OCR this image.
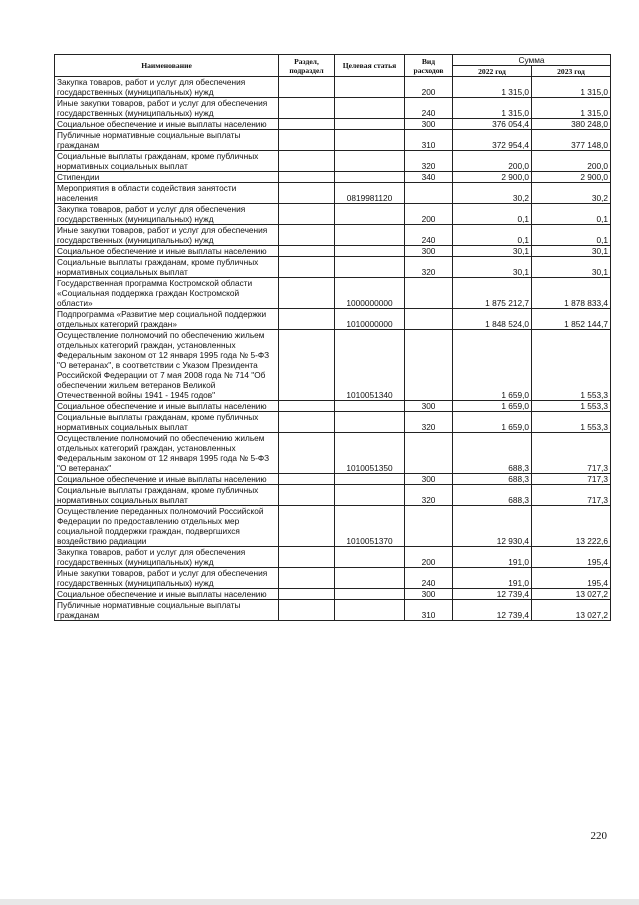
Наименование	Раздел, подраздел	Целевая статья	Вид расходов	Сумма	
				2022 год	2023 год
Закупка товаров, работ и услуг для обеспечения государственных (муниципальных) нужд			200	1 315,0	1 315,0
Иные закупки товаров, работ и услуг для обеспечения государственных (муниципальных) нужд			240	1 315,0	1 315,0
Социальное обеспечение и иные выплаты населению			300	376 054,4	380 248,0
Публичные нормативные социальные выплаты гражданам			310	372 954,4	377 148,0
Социальные выплаты гражданам, кроме публичных нормативных социальных выплат			320	200,0	200,0
Стипендии			340	2 900,0	2 900,0
Мероприятия в области содействия занятости населения		0819981120		30,2	30,2
Закупка товаров, работ и услуг для обеспечения государственных (муниципальных) нужд			200	0,1	0,1
Иные закупки товаров, работ и услуг для обеспечения государственных (муниципальных) нужд			240	0,1	0,1
Социальное обеспечение и иные выплаты населению			300	30,1	30,1
Социальные выплаты гражданам, кроме публичных нормативных социальных выплат			320	30,1	30,1
Государственная программа Костромской области «Социальная поддержка граждан Костромской области»		1000000000		1 875 212,7	1 878 833,4
Подпрограмма «Развитие мер социальной поддержки отдельных категорий граждан»		1010000000		1 848 524,0	1 852 144,7
Осуществление полномочий по обеспечению жильем отдельных категорий граждан, установленных Федеральным законом от 12 января 1995 года № 5-ФЗ "О ветеранах", в соответствии с Указом Президента Российской Федерации от 7 мая 2008 года № 714 "Об обеспечении жильем ветеранов Великой Отечественной войны 1941 - 1945 годов"		1010051340		1 659,0	1 553,3
Социальное обеспечение и иные выплаты населению			300	1 659,0	1 553,3
Социальные выплаты гражданам, кроме публичных нормативных социальных выплат			320	1 659,0	1 553,3
Осуществление полномочий по обеспечению жильем отдельных категорий граждан, установленных Федеральным законом от 12 января 1995 года № 5-ФЗ "О ветеранах"		1010051350		688,3	717,3
Социальное обеспечение и иные выплаты населению			300	688,3	717,3
Социальные выплаты гражданам, кроме публичных нормативных социальных выплат			320	688,3	717,3
Осуществление переданных полномочий Российской Федерации по предоставлению отдельных мер социальной поддержки граждан, подвергшихся воздействию радиации		1010051370		12 930,4	13 222,6
Закупка товаров, работ и услуг для обеспечения государственных (муниципальных) нужд			200	191,0	195,4
Иные закупки товаров, работ и услуг для обеспечения государственных (муниципальных) нужд			240	191,0	195,4
Социальное обеспечение и иные выплаты населению			300	12 739,4	13 027,2
Публичные нормативные социальные выплаты гражданам			310	12 739,4	13 027,2
220
